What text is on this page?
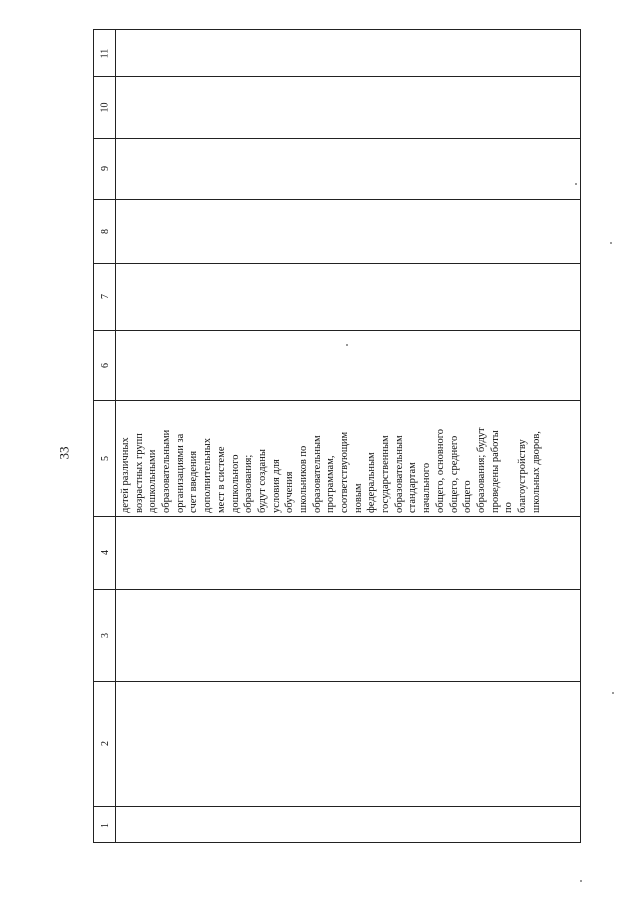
33
11
10
9
8
7
6
5
4
3
2
1
детей различных возрастных групп дошкольными образовательными организациями за счет введения дополнительных мест в системе дошкольного образования; будут созданы условия для обучения школьников по образовательным программам, соответствующим новым федеральным государственным образовательным стандартам начального общего, основного общего, среднего общего образования; будут проведены работы по благоустройству школьных дворов,
